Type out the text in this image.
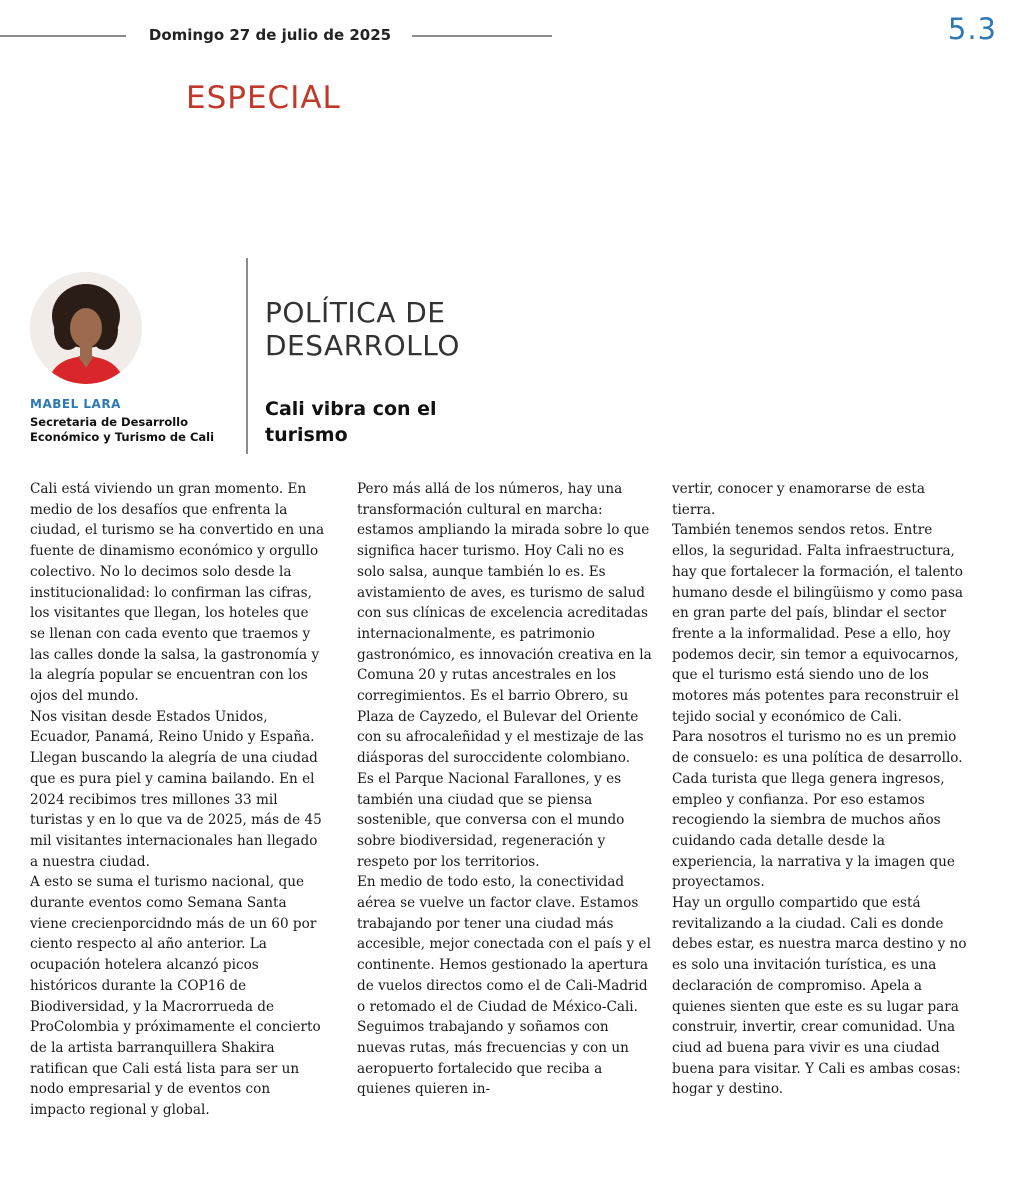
Domingo 27 de julio de 2025	5.3
ESPECIAL
MABEL LARA
Secretaria de Desarrollo Económico y Turismo de Cali
POLÍTICA DE DESARROLLO
Cali vibra con el turismo

Cali está viviendo un gran momento. En medio de los desafíos que enfrenta la ciudad, el turismo se ha convertido en una fuente de dinamismo económico y orgullo colectivo. No lo decimos solo desde la institucionalidad: lo confirman las cifras, los visitantes que llegan, los hoteles que se llenan con cada evento que traemos y las calles donde la salsa, la gastronomía y la alegría popular se encuentran con los ojos del mundo.

Nos visitan desde Estados Unidos, Ecuador, Panamá, Reino Unido y España. Llegan buscando la alegría de una ciudad que es pura piel y camina bailando. En el 2024 recibimos tres millones 33 mil turistas y en lo que va de 2025, más de 45 mil visitantes internacionales han llegado a nuestra ciudad.

A esto se suma el turismo nacional, que durante eventos como Semana Santa viene crecienporcidndo más de un 60 por ciento respecto al año anterior. La ocupación hotelera alcanzó picos históricos durante la COP16 de Biodiversidad, y la Macrorrueda de ProColombia y próximamente el concierto de la artista barranquillera Shakira ratifican que Cali está lista para ser un nodo empresarial y de eventos con impacto regional y global.

Pero más allá de los números, hay una transformación cultural en marcha: estamos ampliando la mirada sobre lo que significa hacer turismo. Hoy Cali no es solo salsa, aunque también lo es. Es avistamiento de aves, es turismo de salud con sus clínicas de excelencia acreditadas internacionalmente, es patrimonio gastronómico, es innovación creativa en la Comuna 20 y rutas ancestrales en los corregimientos. Es el barrio Obrero, su Plaza de Cayzedo, el Bulevar del Oriente con su afrocaleñidad y el mestizaje de las diásporas del suroccidente colombiano.

Es el Parque Nacional Farallones, y es también una ciudad que se piensa sostenible, que conversa con el mundo sobre biodiversidad, regeneración y respeto por los territorios.

En medio de todo esto, la conectividad aérea se vuelve un factor clave. Estamos trabajando por tener una ciudad más accesible, mejor conectada con el país y el continente. Hemos gestionado la apertura de vuelos directos como el de Cali-Madrid o retomado el de Ciudad de México-Cali. Seguimos trabajando y soñamos con nuevas rutas, más frecuencias y con un aeropuerto fortalecido que reciba a quienes quieren in-

vertir, conocer y enamorarse de esta tierra.

También tenemos sendos retos. Entre ellos, la seguridad. Falta infraestructura, hay que fortalecer la formación, el talento humano desde el bilingüismo y como pasa en gran parte del país, blindar el sector frente a la informalidad. Pese a ello, hoy podemos decir, sin temor a equivocarnos, que el turismo está siendo uno de los motores más potentes para reconstruir el tejido social y económico de Cali.

Para nosotros el turismo no es un premio de consuelo: es una política de desarrollo. Cada turista que llega genera ingresos, empleo y confianza. Por eso estamos recogiendo la siembra de muchos años cuidando cada detalle desde la experiencia, la narrativa y la imagen que proyectamos.

Hay un orgullo compartido que está revitalizando a la ciudad. Cali es donde debes estar, es nuestra marca destino y no es solo una invitación turística, es una declaración de compromiso. Apela a quienes sienten que este es su lugar para construir, invertir, crear comunidad. Una ciud ad buena para vivir es una ciudad buena para visitar. Y Cali es ambas cosas: hogar y destino.
